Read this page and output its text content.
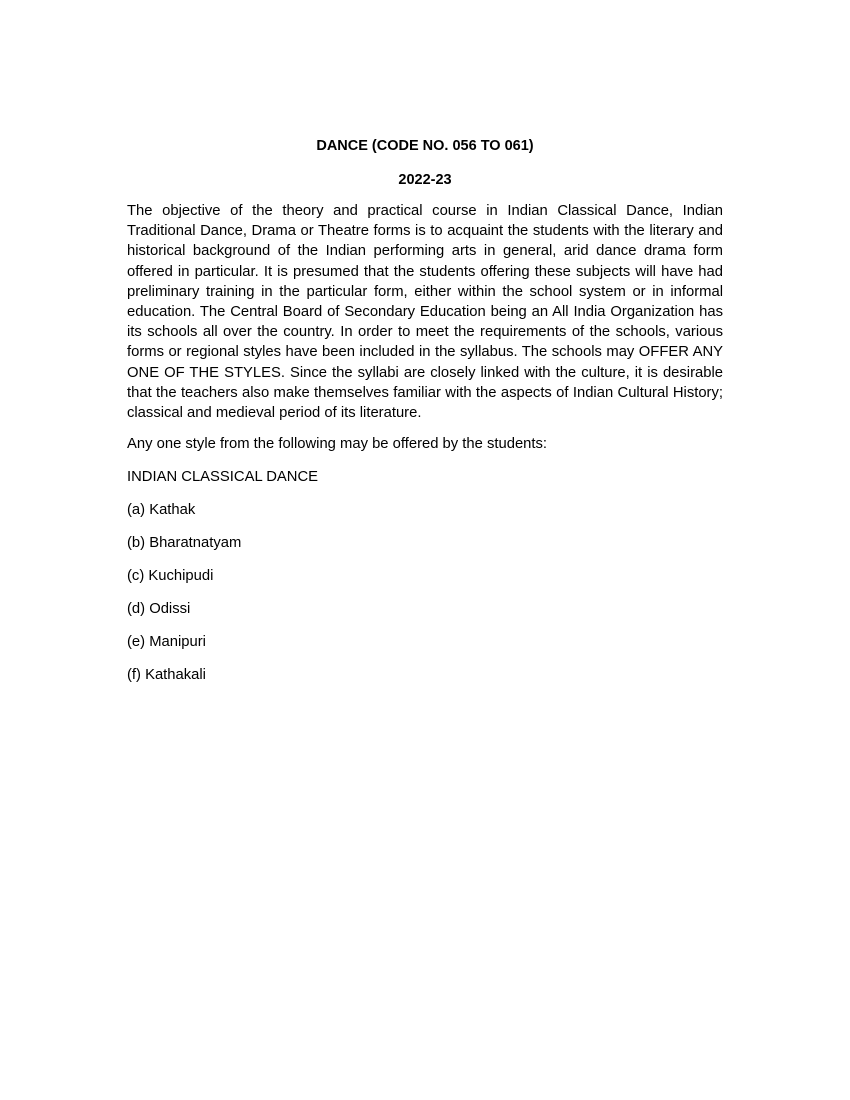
DANCE (CODE NO. 056 TO 061)
2022-23

The objective of the theory and practical course in Indian Classical Dance, Indian Traditional Dance, Drama or Theatre forms is to acquaint the students with the literary and historical background of the Indian performing arts in general, arid dance drama form offered in particular. It is presumed that the students offering these subjects will have had preliminary training in the particular form, either within the school system or in informal education. The Central Board of Secondary Education being an All India Organization has its schools all over the country. In order to meet the requirements of the schools, various forms or regional styles have been included in the syllabus. The schools may OFFER ANY ONE OF THE STYLES. Since the syllabi are closely linked with the culture, it is desirable that the teachers also make themselves familiar with the aspects of Indian Cultural History; classical and medieval period of its literature.

Any one style from the following may be offered by the students:

INDIAN CLASSICAL DANCE

(a) Kathak
(b) Bharatnatyam
(c) Kuchipudi
(d) Odissi
(e) Manipuri
(f) Kathakali
